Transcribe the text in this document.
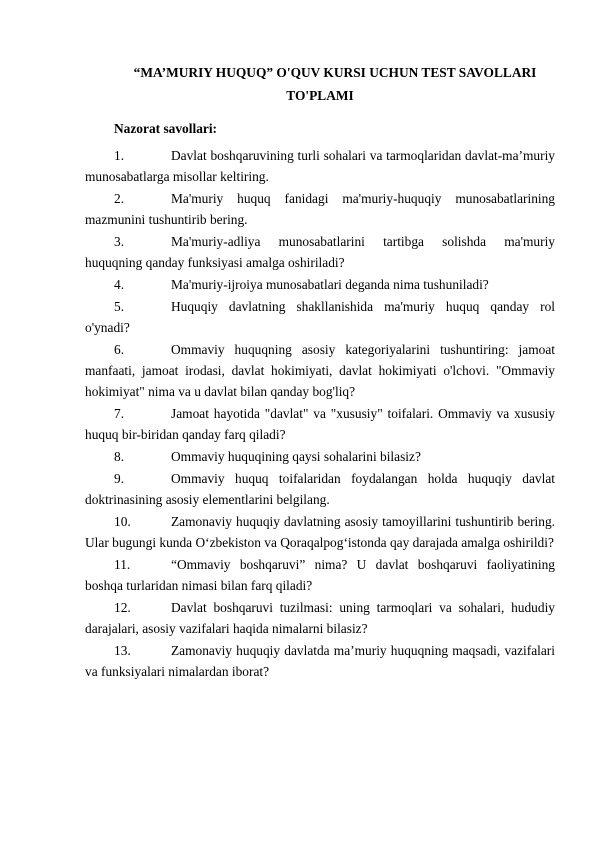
“MA’MURIY HUQUQ” O'QUV KURSI UCHUN TEST SAVOLLARI
TO'PLAMI
Nazorat savollari:
1.	Davlat boshqaruvining turli sohalari va tarmoqlaridan davlat-ma’muriy munosabatlarga misollar keltiring.
2.	Ma'muriy huquq fanidagi ma'muriy-huquqiy munosabatlarining mazmunini tushuntirib bering.
3.	Ma'muriy-adliya munosabatlarini tartibga solishda ma'muriy huquqning qanday funksiyasi amalga oshiriladi?
4.	Ma'muriy-ijroiya munosabatlari deganda nima tushuniladi?
5.	Huquqiy davlatning shakllanishida ma'muriy huquq qanday rol o'ynadi?
6.	Ommaviy huquqning asosiy kategoriyalarini tushuntiring: jamoat manfaati, jamoat irodasi, davlat hokimiyati, davlat hokimiyati o'lchovi. "Ommaviy hokimiyat" nima va u davlat bilan qanday bog'liq?
7.	Jamoat hayotida "davlat" va "xususiy" toifalari. Ommaviy va xususiy huquq bir-biridan qanday farq qiladi?
8.	Ommaviy huquqining qaysi sohalarini bilasiz?
9.	Ommaviy huquq toifalaridan foydalangan holda huquqiy davlat doktrinasining asosiy elementlarini belgilang.
10.	Zamonaviy huquqiy davlatning asosiy tamoyillarini tushuntirib bering. Ular bugungi kunda O‘zbekiston va Qoraqalpog‘istonda qay darajada amalga oshirildi?
11.	“Ommaviy boshqaruvi” nima? U davlat boshqaruvi faoliyatining boshqa turlaridan nimasi bilan farq qiladi?
12.	Davlat boshqaruvi tuzilmasi: uning tarmoqlari va sohalari, hududiy darajalari, asosiy vazifalari haqida nimalarni bilasiz?
13.	Zamonaviy huquqiy davlatda ma’muriy huquqning maqsadi, vazifalari va funksiyalari nimalardan iborat?
